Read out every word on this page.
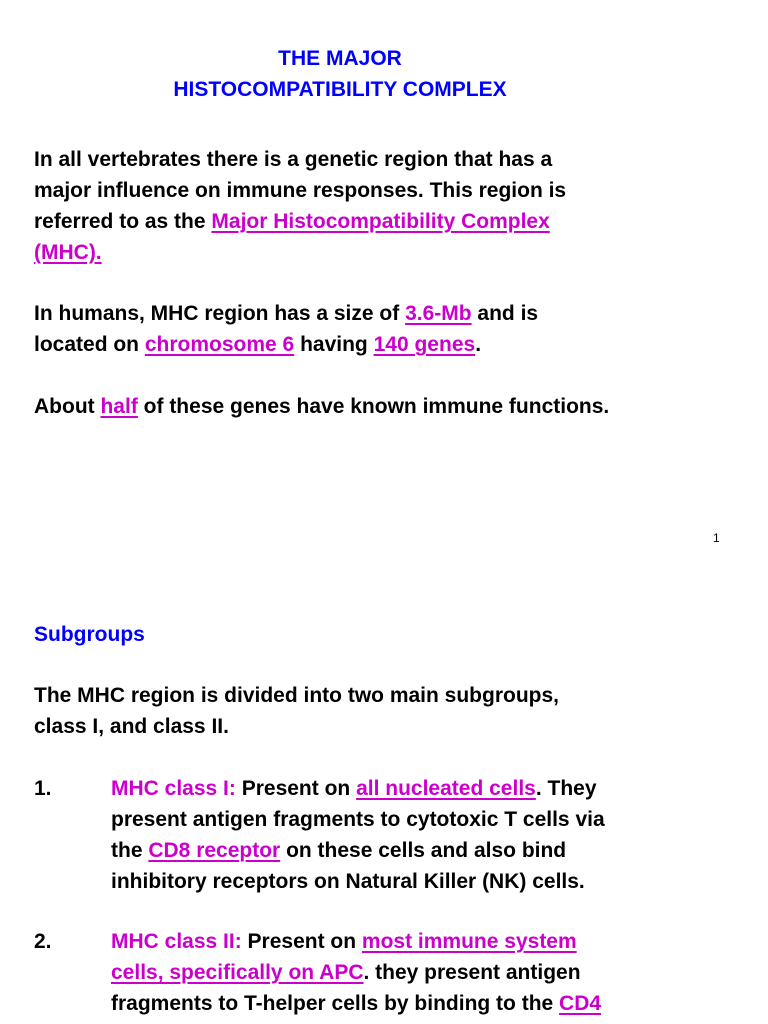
THE MAJOR
HISTOCOMPATIBILITY COMPLEX
In all vertebrates there is a genetic region that has a
major influence on immune responses. This region is
referred to as the Major Histocompatibility Complex
(MHC).
In humans, MHC region has a size of 3.6-Mb and is
located on chromosome 6 having 140 genes.
About half of these genes have known immune functions.
1
Subgroups
The MHC region is divided into two main subgroups,
class I, and class II.
1.	MHC class I: Present on all nucleated cells. They
present antigen fragments to cytotoxic T cells via
the CD8 receptor on these cells and also bind
inhibitory receptors on Natural Killer (NK) cells.
2.	MHC class II: Present on most immune system
cells, specifically on APC. they present antigen
fragments to T-helper cells by binding to the CD4
